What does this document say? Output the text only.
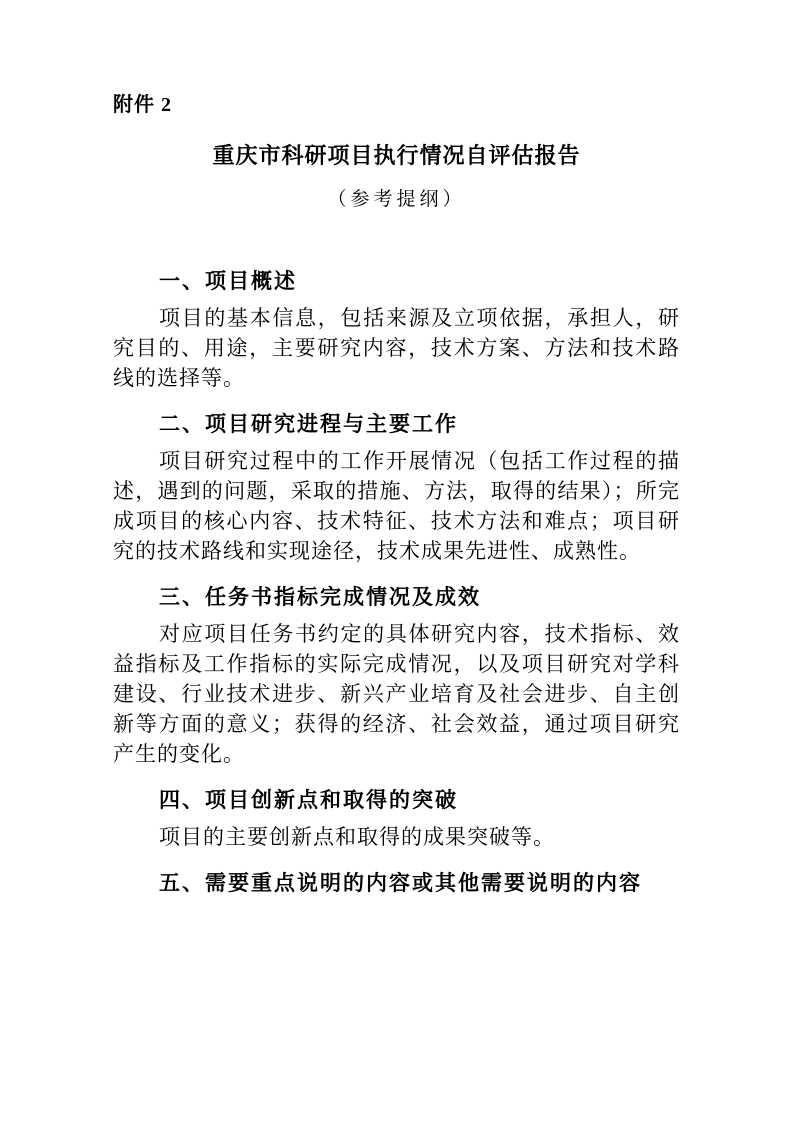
附件 2

重庆市科研项目执行情况自评估报告

（参考提纲）

一、项目概述

项目的基本信息，包括来源及立项依据，承担人，研究目的、用途，主要研究内容，技术方案、方法和技术路线的选择等。

二、项目研究进程与主要工作

项目研究过程中的工作开展情况（包括工作过程的描述，遇到的问题，采取的措施、方法，取得的结果）；所完成项目的核心内容、技术特征、技术方法和难点；项目研究的技术路线和实现途径，技术成果先进性、成熟性。

三、任务书指标完成情况及成效

对应项目任务书约定的具体研究内容，技术指标、效益指标及工作指标的实际完成情况，以及项目研究对学科建设、行业技术进步、新兴产业培育及社会进步、自主创新等方面的意义；获得的经济、社会效益，通过项目研究产生的变化。

四、项目创新点和取得的突破

项目的主要创新点和取得的成果突破等。

五、需要重点说明的内容或其他需要说明的内容
